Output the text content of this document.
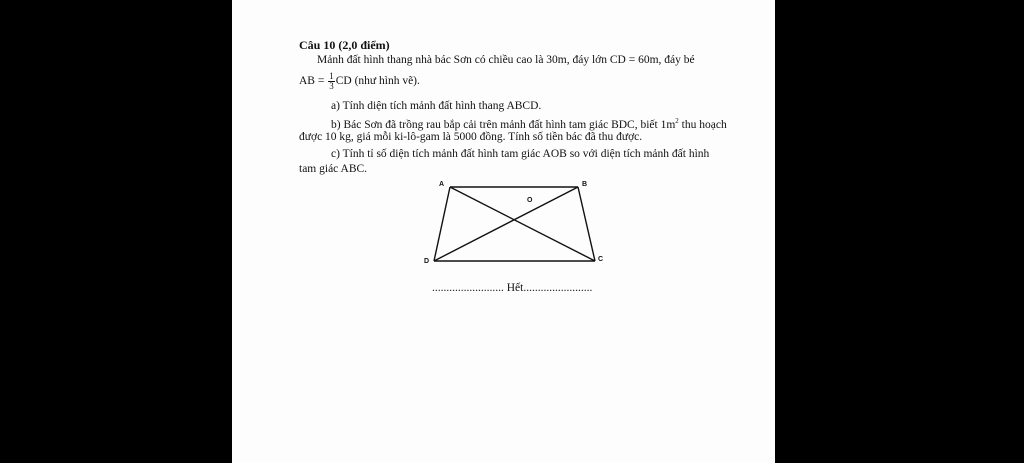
Câu 10 (2,0 điểm)
Mảnh đất hình thang nhà bác Sơn có chiều cao là 30m, đáy lớn CD = 60m, đáy bé
AB = $\frac{1}{3}$ CD (như hình vẽ).
a) Tính diện tích mảnh đất hình thang ABCD.
b) Bác Sơn đã trồng rau bắp cải trên mảnh đất hình tam giác BDC, biết $1m^2$ thu hoạch
được 10 kg, giá mỗi ki-lô-gam là 5000 đồng. Tính số tiền bác đã thu được.
c) Tính tỉ số diện tích mảnh đất hình tam giác AOB so với diện tích mảnh đất hình
tam giác ABC.
A	B
C
D
O
......................... Hết........................
